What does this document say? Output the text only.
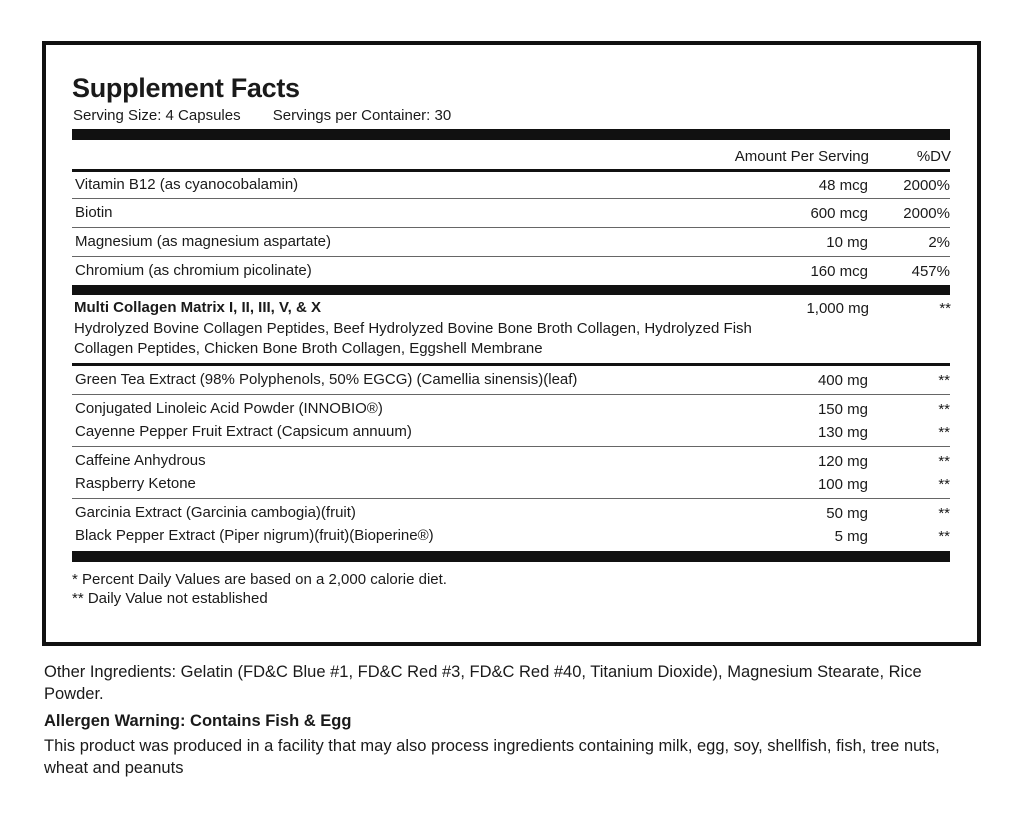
Supplement Facts
Serving Size: 4 Capsules Servings per Container: 30
Amount Per Serving	%DV
Vitamin B12 (as cyanocobalamin)	48 mcg 2000%
Biotin	600 mcg 2000%
Magnesium (as magnesium aspartate)	10 mg	2%
Chromium (as chromium picolinate)	160 mcg	457%
Multi Collagen Matrix I, II, III, V, & X
Hydrolyzed Bovine Collagen Peptides, Beef Hydrolyzed Bovine Bone Broth Collagen, Hydrolyzed Fish Collagen Peptides, Chicken Bone Broth Collagen, Eggshell Membrane
1,000 mg	**
Green Tea Extract (98% Polyphenols, 50% EGCG) (Camellia sinensis)(leaf)	400 mg	**
Conjugated Linoleic Acid Powder (INNOBIO®)	150 mg	**
Cayenne Pepper Fruit Extract (Capsicum annuum)	130 mg	**
Caffeine Anhydrous	120 mg	**
Raspberry Ketone	100 mg	**
Garcinia Extract (Garcinia cambogia)(fruit)	50 mg	**
Black Pepper Extract (Piper nigrum)(fruit)(Bioperine®)	5 mg	**
* Percent Daily Values are based on a 2,000 calorie diet.
** Daily Value not established
Other Ingredients: Gelatin (FD&C Blue #1, FD&C Red #3, FD&C Red #40, Titanium Dioxide), Magnesium Stearate, Rice Powder.
Allergen Warning: Contains Fish & Egg
This product was produced in a facility that may also process ingredients containing milk, egg, soy, shellfish, fish, tree nuts, wheat and peanuts
